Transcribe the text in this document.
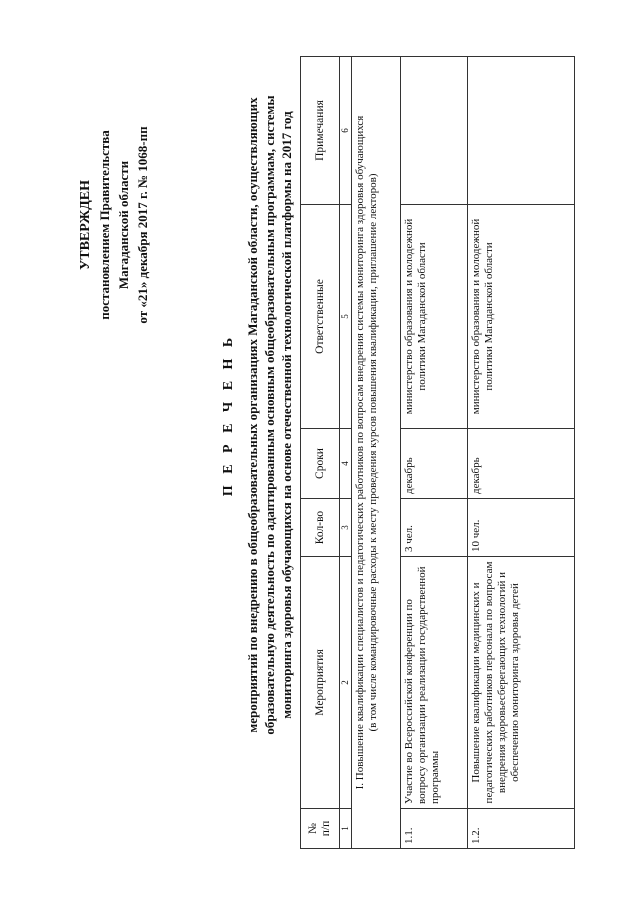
УТВЕРЖДЕН постановлением Правительства Магаданской области от «21» декабря 2017 г. № 1068-пп
П Е Р Е Ч Е Н Ь мероприятий по внедрению в общеобразовательных организациях Магаданской области, осуществляющих образовательную деятельность по адаптированным основным общеобразовательным программам, системы мониторинга здоровья обучающихся на основе отечественной технологической платформы на 2017 год
№ п/п	Мероприятия	Кол-во	Сроки	Ответственные	Примечания
1	2	3	4	5	6

I. Повышение квалификации специалистов и педагогических работников по вопросам внедрения системы мониторинга здоровья обучающихся (в том числе командировочные расходы к месту проведения курсов повышения квалификации, приглашение лекторов)					

1.1.	Участие во Всероссийской конференции по вопросу организации реализации государственной программы	3 чел.	декабрь	министерство образования и молодежной политики Магаданской области	
1.2.	Повышение квалификации медицинских и педагогических работников персонала по вопросам внедрения здоровьесберегающих технологий и обеспечению мониторинга здоровья детей	10 чел.	декабрь	министерство образования и молодежной политики Магаданской области	
